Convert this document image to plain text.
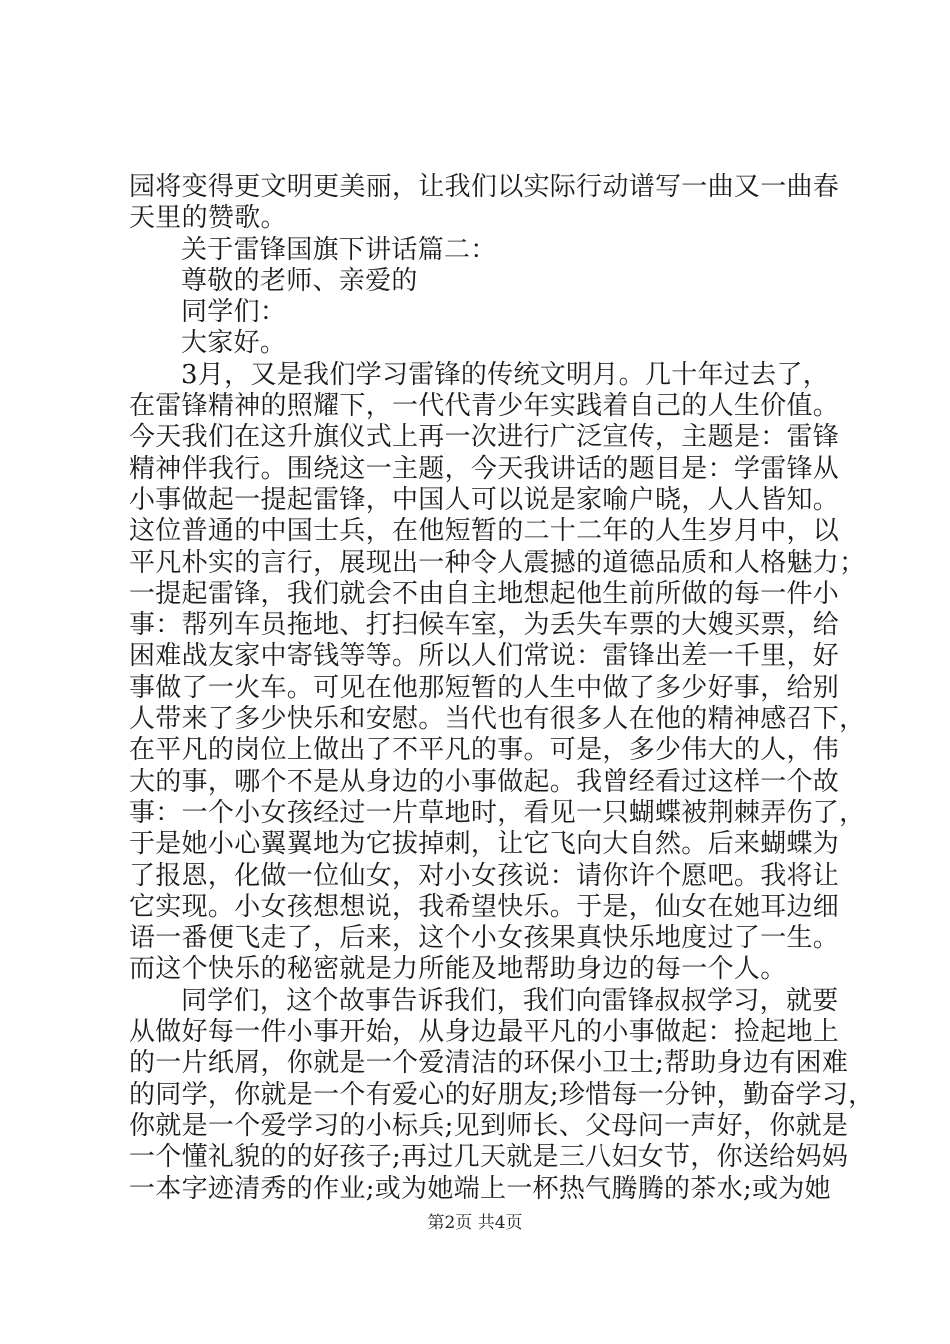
园将变得更文明更美丽，让我们以实际行动谱写一曲又一曲春
天里的赞歌。
关于雷锋国旗下讲话篇二：
尊敬的老师、亲爱的
同学们：
大家好。
3月，又是我们学习雷锋的传统文明月。几十年过去了，
在雷锋精神的照耀下，一代代青少年实践着自己的人生价值。
今天我们在这升旗仪式上再一次进行广泛宣传，主题是：雷锋
精神伴我行。围绕这一主题，今天我讲话的题目是：学雷锋从
小事做起一提起雷锋，中国人可以说是家喻户晓，人人皆知。
这位普通的中国士兵，在他短暂的二十二年的人生岁月中，以
平凡朴实的言行，展现出一种令人震撼的道德品质和人格魅力；
一提起雷锋，我们就会不由自主地想起他生前所做的每一件小
事：帮列车员拖地、打扫候车室，为丢失车票的大嫂买票，给
困难战友家中寄钱等等。所以人们常说：雷锋出差一千里，好
事做了一火车。可见在他那短暂的人生中做了多少好事，给别
人带来了多少快乐和安慰。当代也有很多人在他的精神感召下，
在平凡的岗位上做出了不平凡的事。可是，多少伟大的人，伟
大的事，哪个不是从身边的小事做起。我曾经看过这样一个故
事：一个小女孩经过一片草地时，看见一只蝴蝶被荆棘弄伤了，
于是她小心翼翼地为它拔掉刺，让它飞向大自然。后来蝴蝶为
了报恩，化做一位仙女，对小女孩说：请你许个愿吧。我将让
它实现。小女孩想想说，我希望快乐。于是，仙女在她耳边细
语一番便飞走了，后来，这个小女孩果真快乐地度过了一生。
而这个快乐的秘密就是力所能及地帮助身边的每一个人。
同学们，这个故事告诉我们，我们向雷锋叔叔学习，就要
从做好每一件小事开始，从身边最平凡的小事做起：捡起地上
的一片纸屑，你就是一个爱清洁的环保小卫士;帮助身边有困难
的同学，你就是一个有爱心的好朋友;珍惜每一分钟，勤奋学习，
你就是一个爱学习的小标兵;见到师长、父母问一声好，你就是
一个懂礼貌的的好孩子;再过几天就是三八妇女节，你送给妈妈
一本字迹清秀的作业;或为她端上一杯热气腾腾的茶水;或为她
第2页 共4页
